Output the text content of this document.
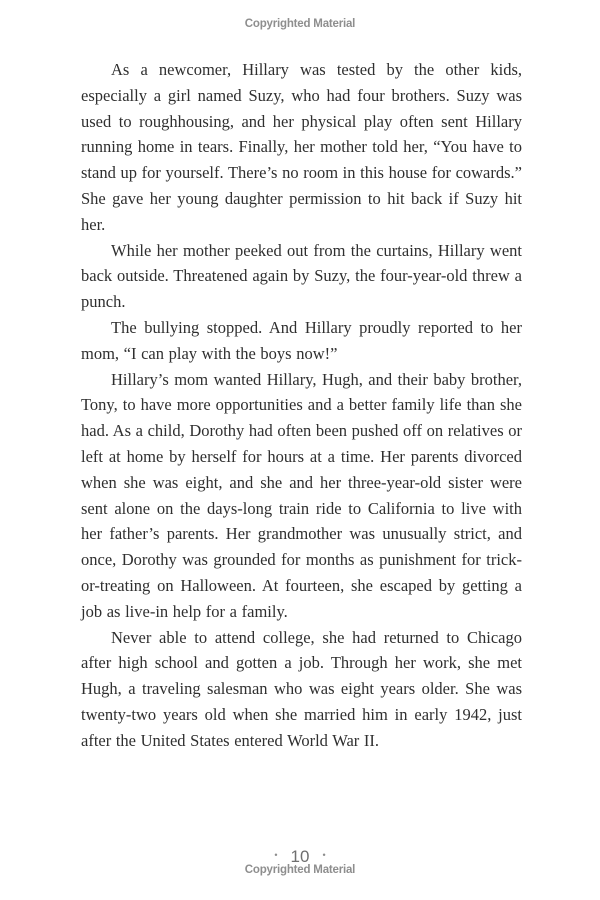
Copyrighted Material

As a newcomer, Hillary was tested by the other kids, especially a girl named Suzy, who had four brothers. Suzy was used to roughhousing, and her physical play often sent Hillary running home in tears. Finally, her mother told her, “You have to stand up for yourself. There’s no room in this house for cowards.” She gave her young daughter permission to hit back if Suzy hit her.

While her mother peeked out from the curtains, Hillary went back outside. Threatened again by Suzy, the four-year-old threw a punch.

The bullying stopped. And Hillary proudly reported to her mom, “I can play with the boys now!”

Hillary’s mom wanted Hillary, Hugh, and their baby brother, Tony, to have more opportunities and a better family life than she had. As a child, Dorothy had often been pushed off on relatives or left at home by herself for hours at a time. Her parents divorced when she was eight, and she and her three-year-old sister were sent alone on the days-long train ride to California to live with her father’s parents. Her grandmother was unusually strict, and once, Dorothy was grounded for months as punishment for trick-or-treating on Halloween. At fourteen, she escaped by getting a job as live-in help for a family.

Never able to attend college, she had returned to Chicago after high school and gotten a job. Through her work, she met Hugh, a traveling salesman who was eight years older. She was twenty-two years old when she married him in early 1942, just after the United States entered World War II.

• 10 •
Copyrighted Material
